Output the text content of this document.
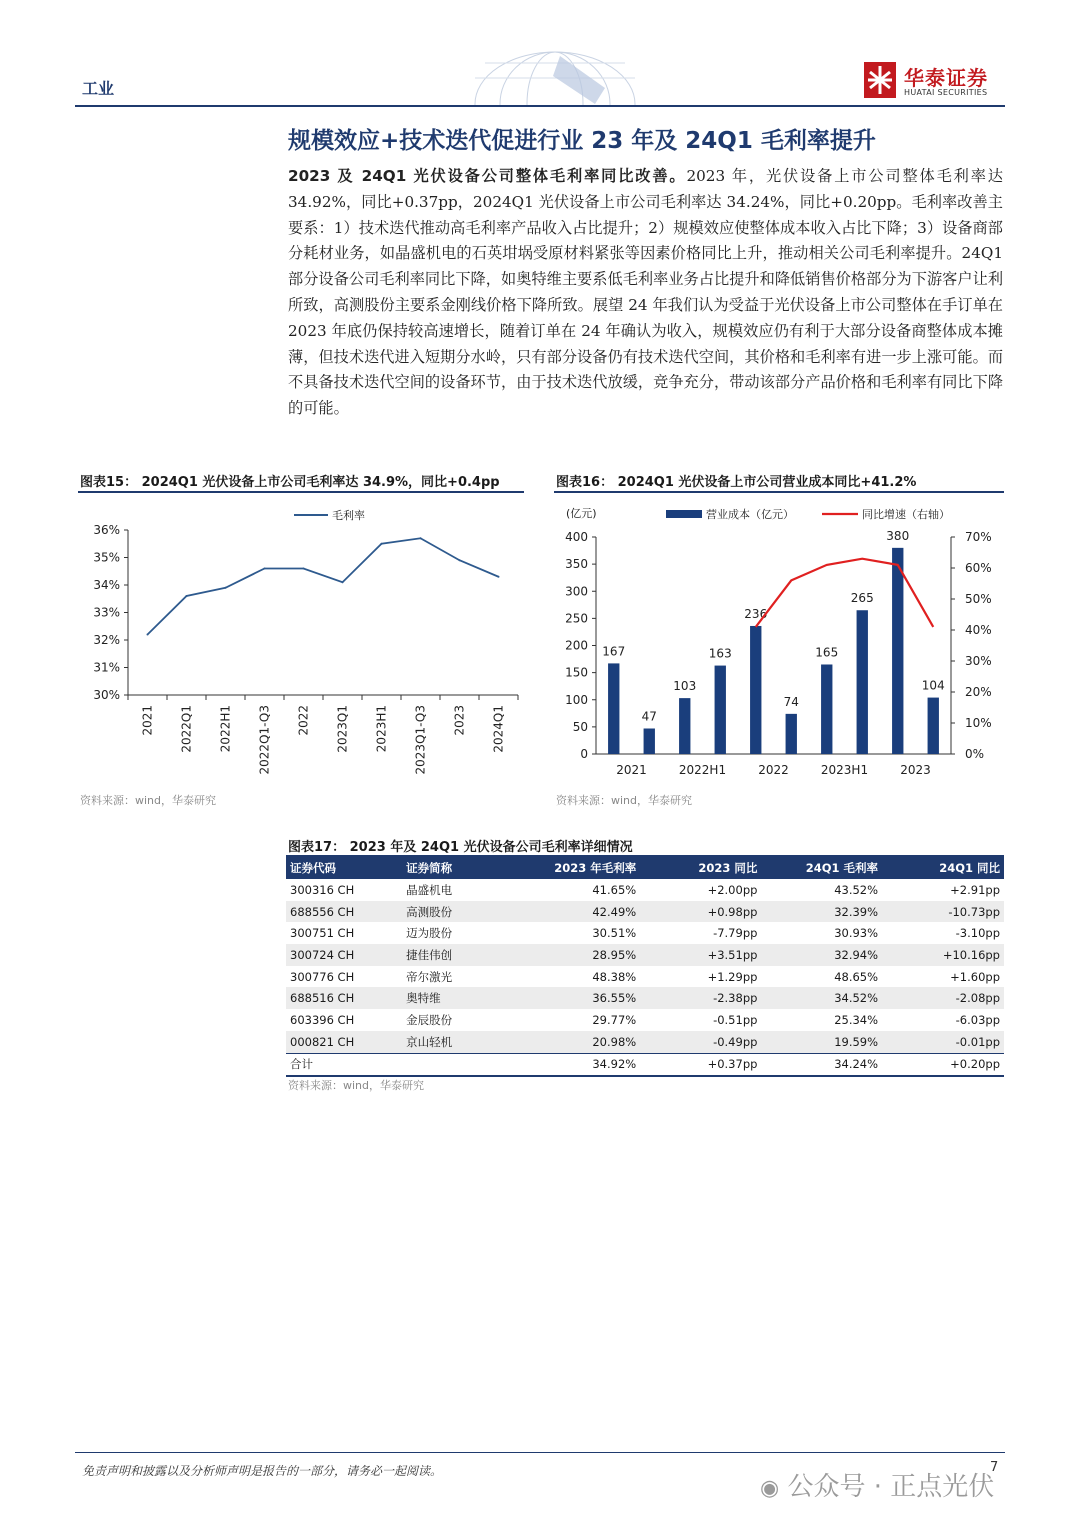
工业	华泰证券
HUATAI SECURITIES
规模效应+技术迭代促进行业 23 年及 24Q1 毛利率提升
2023 及 24Q1 光伏设备公司整体毛利率同比改善。2023 年，光伏设备上市公司整体毛利率达 34.92%，同比+0.37pp，2024Q1 光伏设备上市公司毛利率达 34.24%，同比+0.20pp。毛利率改善主要系：1）技术迭代推动高毛利率产品收入占比提升；2）规模效应使整体成本收入占比下降；3）设备商部分耗材业务，如晶盛机电的石英坩埚受原材料紧张等因素价格同比上升，推动相关公司毛利率提升。24Q1 部分设备公司毛利率同比下降，如奥特维主要系低毛利率业务占比提升和降低销售价格部分为下游客户让利所致，高测股份主要系金刚线价格下降所致。展望 24 年我们认为受益于光伏设备上市公司整体在手订单在 2023 年底仍保持较高速增长，随着订单在 24 年确认为收入，规模效应仍有利于大部分设备商整体成本摊薄，但技术迭代进入短期分水岭，只有部分设备仍有技术迭代空间，其价格和毛利率有进一步上涨可能。而不具备技术迭代空间的设备环节，由于技术迭代放缓，竞争充分，带动该部分产品价格和毛利率有同比下降的可能。
图表15： 2024Q1 光伏设备上市公司毛利率达 34.9%，同比+0.4pp
30%
31%
32%
33%
34%
35%
36%
2021 2022Q1 2022H1 2022Q1-Q3 2022 2023Q1 2023H1 2023Q1-Q3 2023 2024Q1
毛利率
资料来源：wind，华泰研究
图表16： 2024Q1 光伏设备上市公司营业成本同比+41.2%
(亿元)
0
50
100
150
200
250
300
350
400
0%
10%
20%
30%
40%
50%
60%
70%
167
47
103
163
236
74
165
265
380
104
2021	2022H1	2022	2023H1	2023
营业成本（亿元）	同比增速（右轴）
资料来源：wind，华泰研究
图表17： 2023 年及 24Q1 光伏设备公司毛利率详细情况
证券代码	证券简称	2023 年毛利率	2023 同比	24Q1 毛利率	24Q1 同比
300316 CH	晶盛机电	41.65%	+2.00pp	43.52%	+2.91pp
688556 CH	高测股份	42.49%	+0.98pp	32.39%	-10.73pp
300751 CH	迈为股份	30.51%	-7.79pp	30.93%	-3.10pp
300724 CH	捷佳伟创	28.95%	+3.51pp	32.94%	+10.16pp
300776 CH	帝尔激光	48.38%	+1.29pp	48.65%	+1.60pp
688516 CH	奥特维	36.55%	-2.38pp	34.52%	-2.08pp
603396 CH	金辰股份	29.77%	-0.51pp	25.34%	-6.03pp
000821 CH	京山轻机	20.98%	-0.49pp	19.59%	-0.01pp
合计		34.92%	+0.37pp	34.24%	+0.20pp
资料来源：wind，华泰研究
免责声明和披露以及分析师声明是报告的一部分，请务必一起阅读。	7
◉ 公众号 · 正点光伏
